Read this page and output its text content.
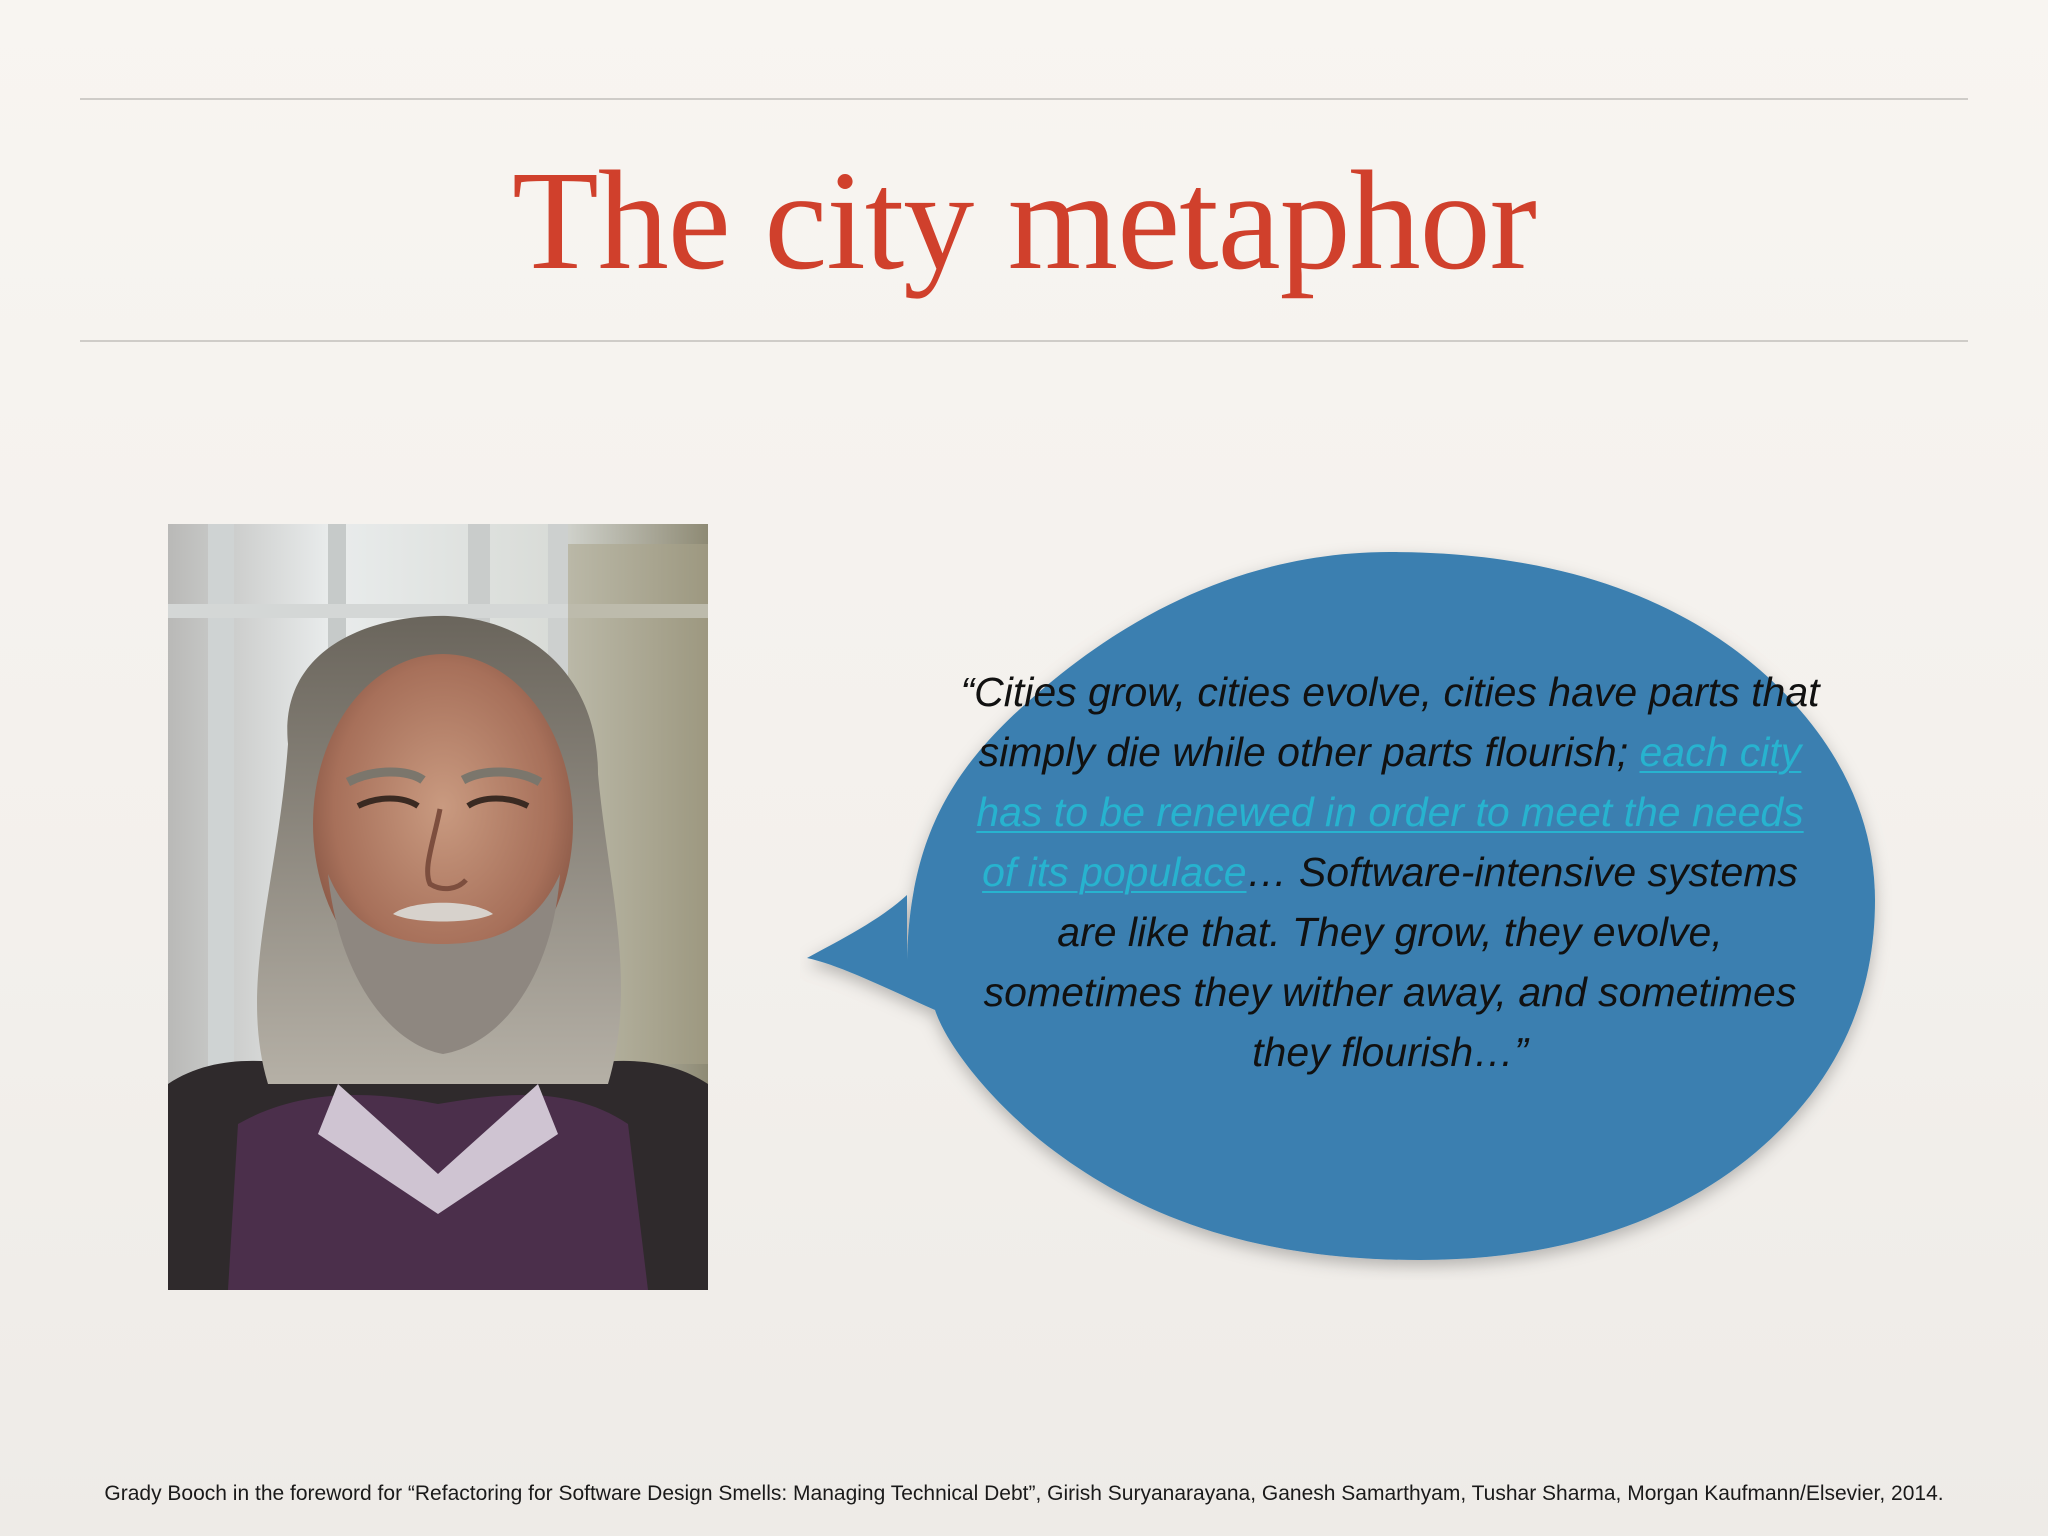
The city metaphor
“Cities grow, cities evolve, cities have parts that simply die while other parts flourish; each city has to be renewed in order to meet the needs of its populace… Software-intensive systems are like that. They grow, they evolve, sometimes they wither away, and sometimes they flourish…”
Grady Booch in the foreword for “Refactoring for Software Design Smells: Managing Technical Debt”, Girish Suryanarayana, Ganesh Samarthyam, Tushar Sharma, Morgan Kaufmann/Elsevier, 2014.
